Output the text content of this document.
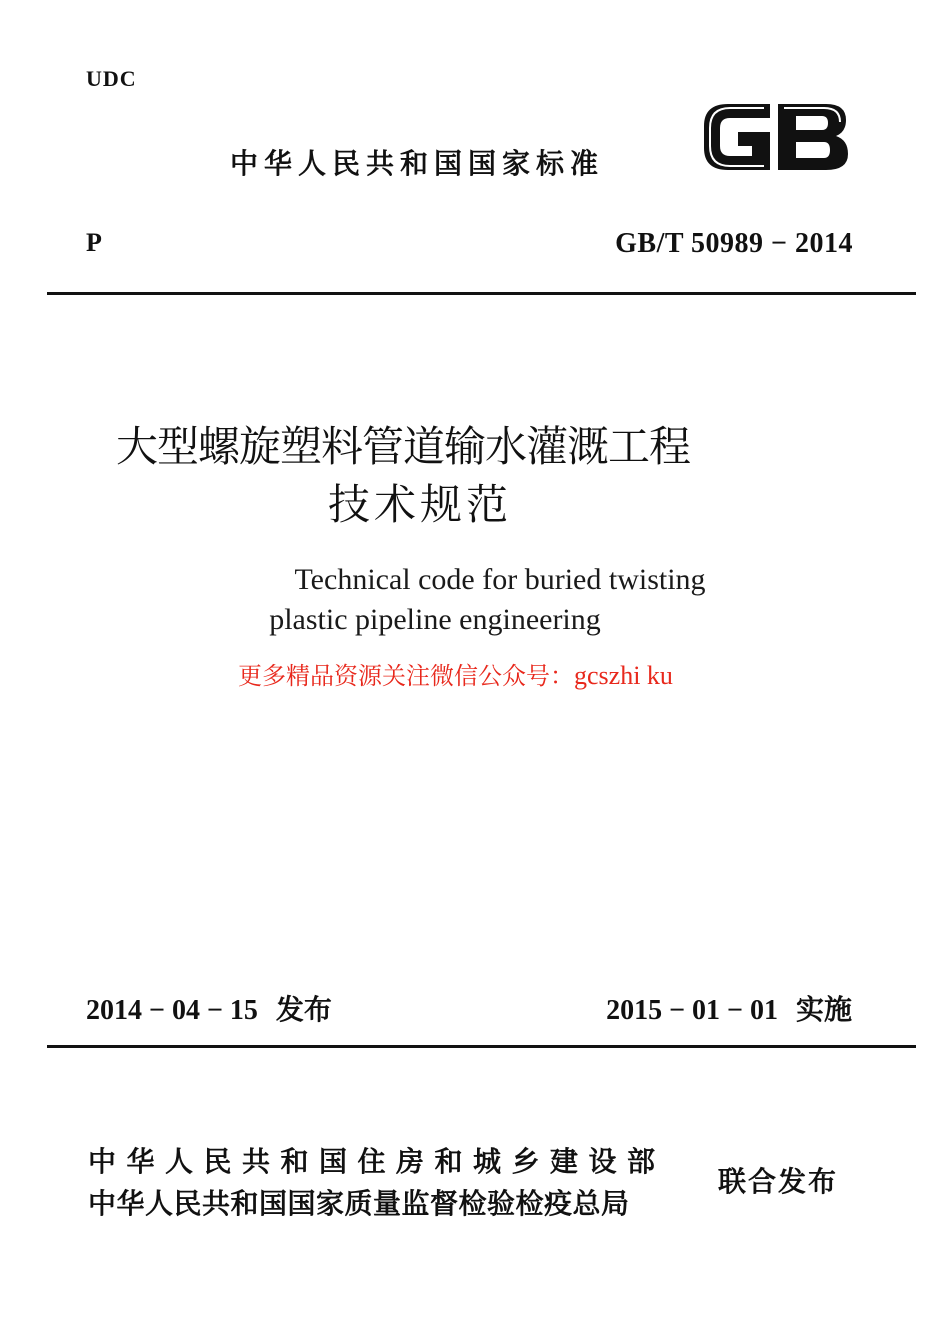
UDC
中华人民共和国国家标准
P	GB/T 50989 − 2014
大型螺旋塑料管道输水灌溉工程
技术规范
Technical code for buried twisting
plastic pipeline engineering
更多精品资源关注微信公众号：gcszhi ku
2014 − 04 − 15 发布	2015 − 01 − 01 实施
中华人民共和国住房和城乡建设部
中华人民共和国国家质量监督检验检疫总局
联合发布
